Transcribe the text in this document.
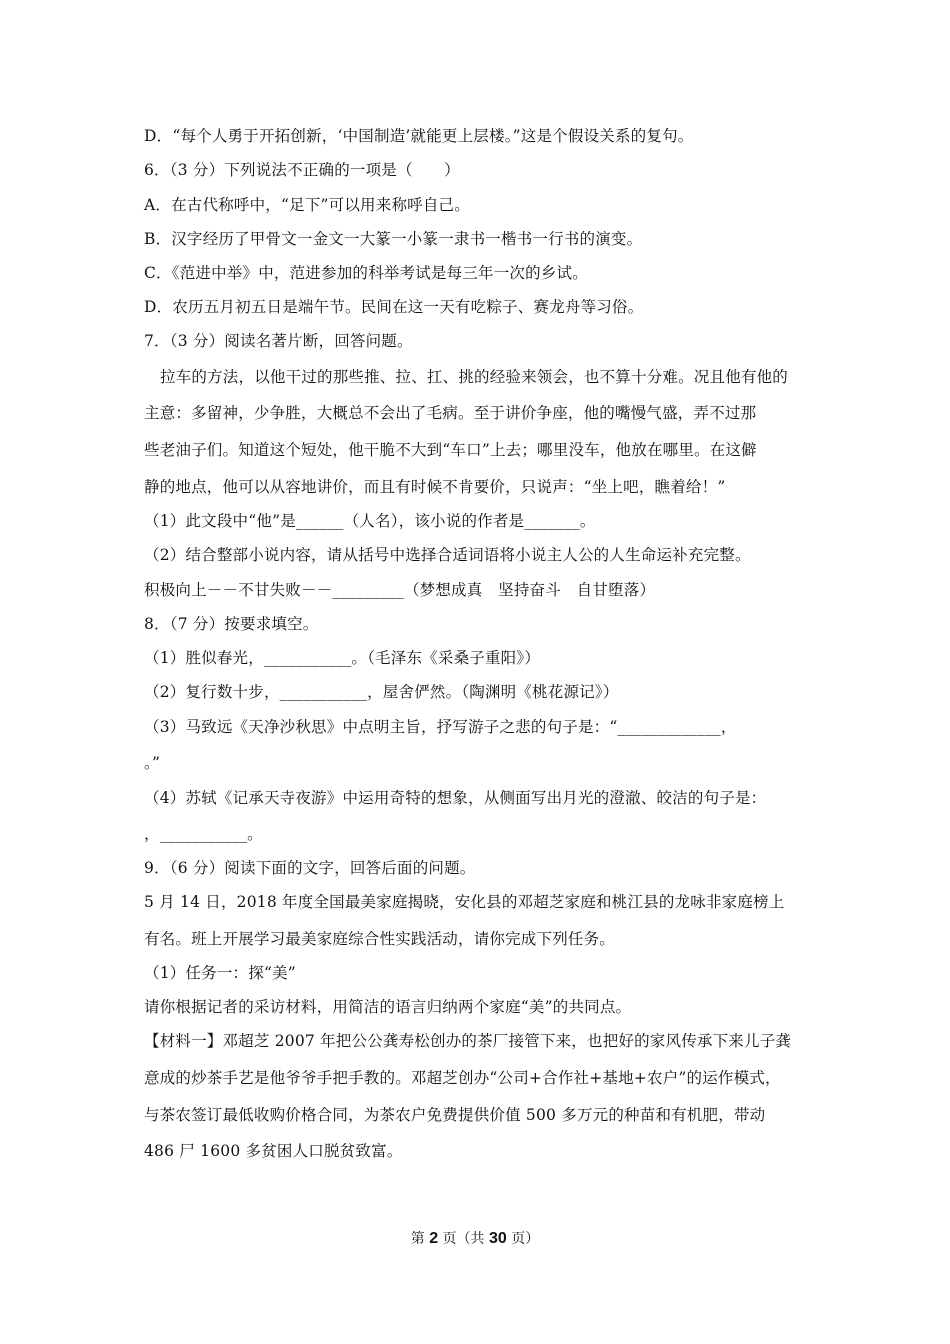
D．“每个人勇于开拓创新，‘中国制造’就能更上层楼。”这是个假设关系的复句。
6．（3 分）下列说法不正确的一项是（　　）
A．在古代称呼中，“足下”可以用来称呼自己。
B．汉字经历了甲骨文一金文一大篆一小篆一隶书一楷书一行书的演变。
C．《范进中举》中，范进参加的科举考试是每三年一次的乡试。
D．农历五月初五日是端午节。民间在这一天有吃粽子、赛龙舟等习俗。
7．（3 分）阅读名著片断，回答问题。
拉车的方法，以他干过的那些推、拉、扛、挑的经验来领会，也不算十分难。况且他有他的
主意：多留神，少争胜，大概总不会出了毛病。至于讲价争座，他的嘴慢气盛，弄不过那
些老油子们。知道这个短处，他干脆不大到“车口”上去；哪里没车，他放在哪里。在这僻
静的地点，他可以从容地讲价，而且有时候不肯要价，只说声：“坐上吧，瞧着给！”
（1）此文段中“他”是______（人名），该小说的作者是_______。
（2）结合整部小说内容，请从括号中选择合适词语将小说主人公的人生命运补充完整。
积极向上－－不甘失败－－_________（梦想成真　坚持奋斗　自甘堕落）
8．（7 分）按要求填空。
（1）胜似春光，___________。（毛泽东《采桑子重阳》）
（2）复行数十步，___________，屋舍俨然。（陶渊明《桃花源记》）
（3）马致远《天净沙秋思》中点明主旨，抒写游子之悲的句子是：“_____________，
。”
（4）苏轼《记承天寺夜游》中运用奇特的想象，从侧面写出月光的澄澈、皎洁的句子是：
，___________。
9．（6 分）阅读下面的文字，回答后面的问题。
5 月 14 日，2018 年度全国最美家庭揭晓，安化县的邓超芝家庭和桃江县的龙咏非家庭榜上
有名。班上开展学习最美家庭综合性实践活动，请你完成下列任务。
（1）任务一：探“美”
请你根据记者的采访材料，用简洁的语言归纳两个家庭“美”的共同点。
【材料一】邓超芝 2007 年把公公龚寿松创办的茶厂接管下来，也把好的家风传承下来儿子龚
意成的炒茶手艺是他爷爷手把手教的。邓超芝创办“公司+合作社+基地+农户”的运作模式，
与茶农签订最低收购价格合同，为茶农户免费提供价值 500 多万元的种苗和有机肥，带动
486 尸 1600 多贫困人口脱贫致富。
第 2 页（共 30 页）
